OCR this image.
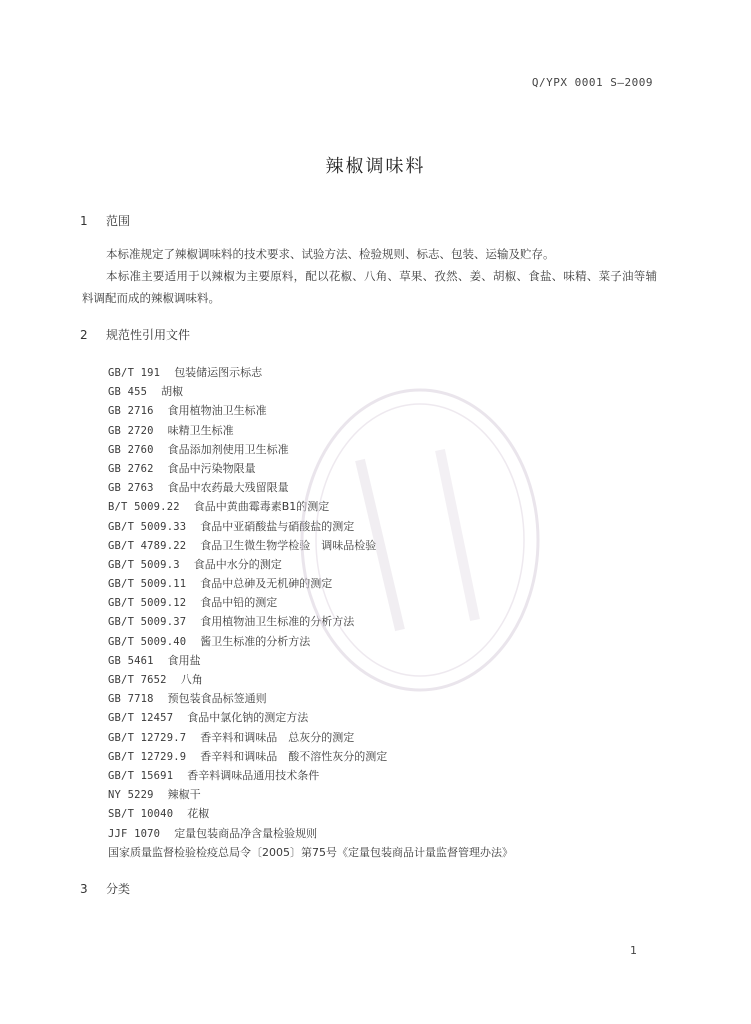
Q/YPX 0001 S—2009
辣椒调味料
1 范围
本标准规定了辣椒调味料的技术要求、试验方法、检验规则、标志、包装、运输及贮存。
本标准主要适用于以辣椒为主要原料，配以花椒、八角、草果、孜然、姜、胡椒、食盐、味精、菜子油等辅料调配而成的辣椒调味料。
2 规范性引用文件
GB/T 191 包装储运图示标志
GB 455 胡椒
GB 2716 食用植物油卫生标准
GB 2720 味精卫生标准
GB 2760 食品添加剂使用卫生标准
GB 2762 食品中污染物限量
GB 2763 食品中农药最大残留限量
B/T 5009.22 食品中黄曲霉毒素B1的测定
GB/T 5009.33 食品中亚硝酸盐与硝酸盐的测定
GB/T 4789.22 食品卫生微生物学检验　调味品检验
GB/T 5009.3 食品中水分的测定
GB/T 5009.11 食品中总砷及无机砷的测定
GB/T 5009.12 食品中铅的测定
GB/T 5009.37 食用植物油卫生标准的分析方法
GB/T 5009.40 酱卫生标准的分析方法
GB 5461 食用盐
GB/T 7652 八角
GB 7718 预包装食品标签通则
GB/T 12457 食品中氯化钠的测定方法
GB/T 12729.7 香辛料和调味品　总灰分的测定
GB/T 12729.9 香辛料和调味品　酸不溶性灰分的测定
GB/T 15691 香辛料调味品通用技术条件
NY 5229 辣椒干
SB/T 10040 花椒
JJF 1070 定量包装商品净含量检验规则
国家质量监督检验检疫总局令〔2005〕第75号《定量包装商品计量监督管理办法》
3 分类
1
